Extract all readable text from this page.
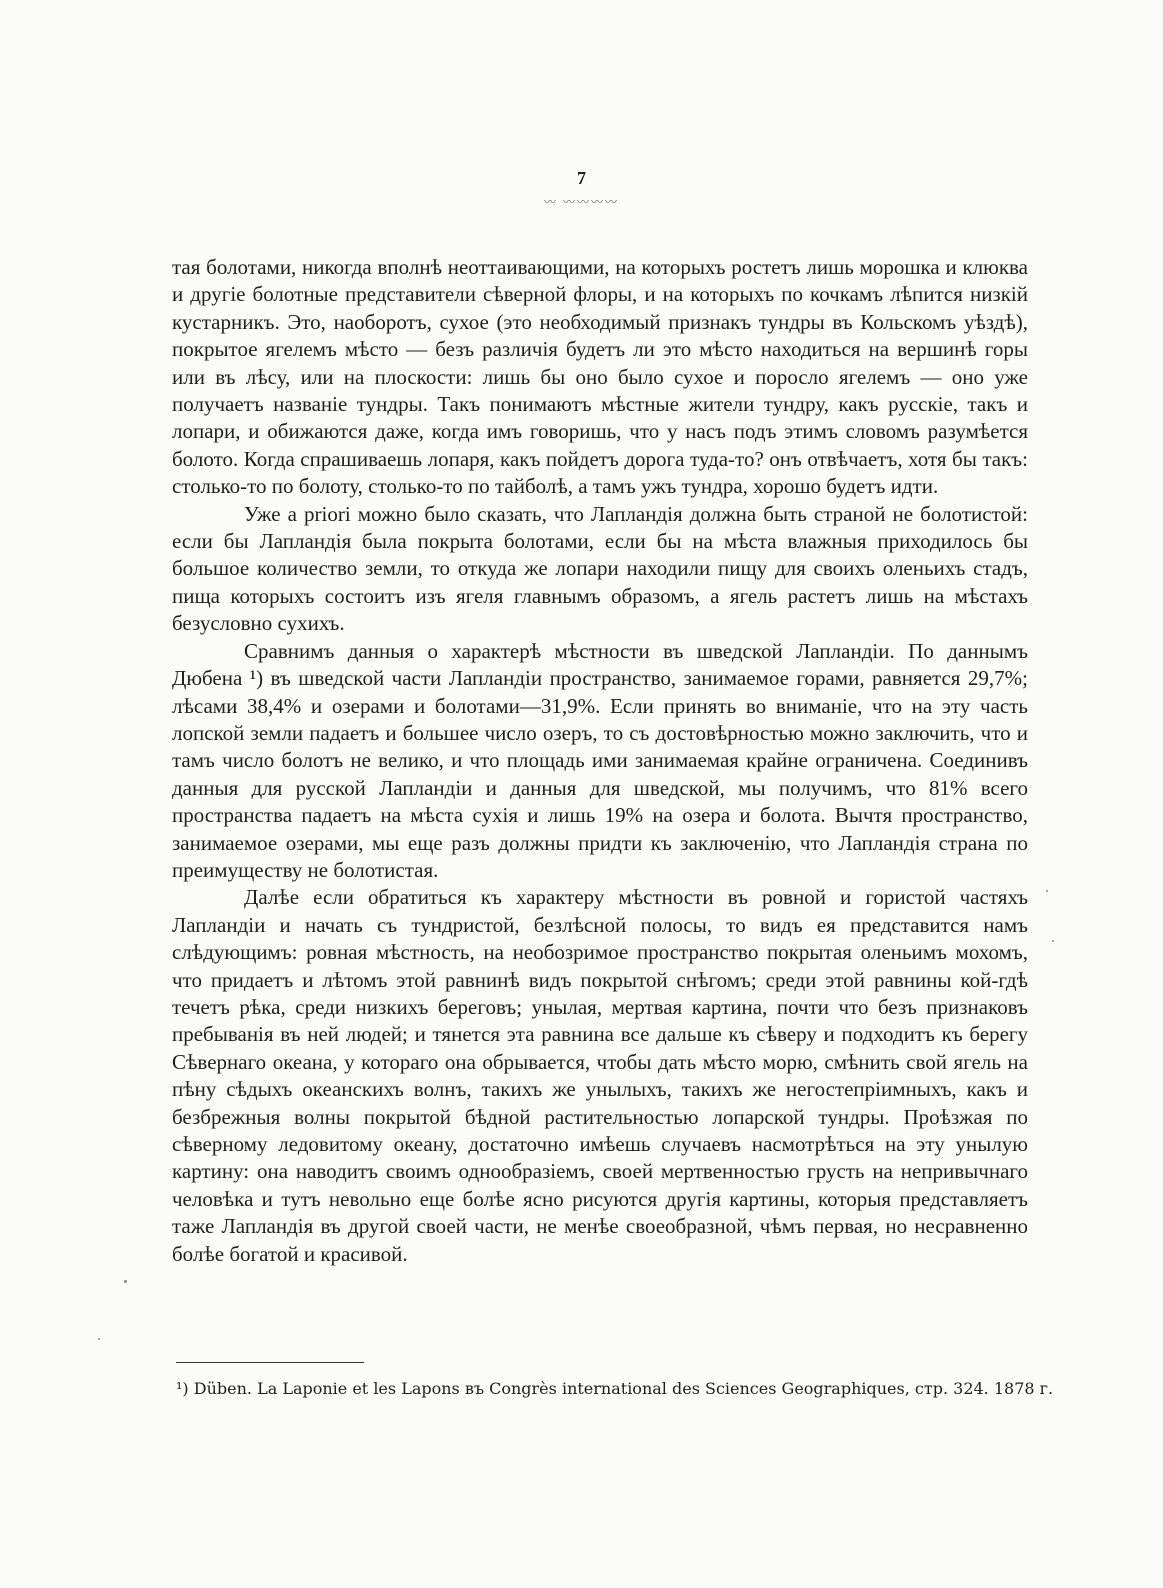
7
〰 〰〰〰〰

тая болотами, никогда вполнѣ неоттаивающими, на которыхъ ростетъ лишь морошка и клюква и другіе болотные представители сѣверной флоры, и на которыхъ по кочкамъ лѣпится низкій кустарникъ. Это, наоборотъ, сухое (это необходимый признакъ тундры въ Кольскомъ уѣздѣ), покрытое ягелемъ мѣсто — безъ различія будетъ ли это мѣсто находиться на вершинѣ горы или въ лѣсу, или на плоскости: лишь бы оно было сухое и поросло ягелемъ — оно уже получаетъ названіе тундры. Такъ понимаютъ мѣстные жители тундру, какъ русскіе, такъ и лопари, и обижаются даже, когда имъ говоришь, что у насъ подъ этимъ словомъ разумѣется болото. Когда спрашиваешь лопаря, какъ пойдетъ дорога туда-то? онъ отвѣчаетъ, хотя бы такъ: столько-то по болоту, столько-то по тайболѣ, а тамъ ужъ тундра, хорошо будетъ идти.

Уже a priori можно было сказать, что Лапландія должна быть страной не болотистой: если бы Лапландія была покрыта болотами, если бы на мѣста влажныя приходилось бы большое количество земли, то откуда же лопари находили пищу для своихъ оленьихъ стадъ, пища которыхъ состоитъ изъ ягеля главнымъ образомъ, а ягель растетъ лишь на мѣстахъ безусловно сухихъ.

Сравнимъ данныя о характерѣ мѣстности въ шведской Лапландіи. По даннымъ Дюбена ¹) въ шведской части Лапландіи пространство, занимаемое горами, равняется 29,7%; лѣсами 38,4% и озерами и болотами—31,9%. Если принять во вниманіе, что на эту часть лопской земли падаетъ и большее число озеръ, то съ достовѣрностью можно заключить, что и тамъ число болотъ не велико, и что площадь ими занимаемая крайне ограничена. Соединивъ данныя для русской Лапландіи и данныя для шведской, мы получимъ, что 81% всего пространства падаетъ на мѣста сухія и лишь 19% на озера и болота. Вычтя пространство, занимаемое озерами, мы еще разъ должны придти къ заключенію, что Лапландія страна по преимуществу не болотистая.

Далѣе если обратиться къ характеру мѣстности въ ровной и гористой частяхъ Лапландіи и начать съ тундристой, безлѣсной полосы, то видъ ея представится намъ слѣдующимъ: ровная мѣстность, на необозримое пространство покрытая оленьимъ мохомъ, что придаетъ и лѣтомъ этой равнинѣ видъ покрытой снѣгомъ; среди этой равнины кой-гдѣ течетъ рѣка, среди низкихъ береговъ; унылая, мертвая картина, почти что безъ признаковъ пребыванія въ ней людей; и тянется эта равнина все дальше къ сѣверу и подходитъ къ берегу Сѣвернаго океана, у котораго она обрывается, чтобы дать мѣсто морю, смѣнить свой ягель на пѣну сѣдыхъ океанскихъ волнъ, такихъ же унылыхъ, такихъ же негостепріимныхъ, какъ и безбрежныя волны покрытой бѣдной растительностью лопарской тундры. Проѣзжая по сѣверному ледовитому океану, достаточно имѣешь случаевъ насмотрѣться на эту унылую картину: она наводитъ своимъ однообразіемъ, своей мертвенностью грусть на непривычнаго человѣка и тутъ невольно еще болѣе ясно рисуются другія картины, которыя представляетъ таже Лапландія въ другой своей части, не менѣе своеобразной, чѣмъ первая, но несравненно болѣе богатой и красивой.

¹) Düben. La Laponie et les Lapons въ Congrès international des Sciences Geographiques, стр. 324. 1878 г.
